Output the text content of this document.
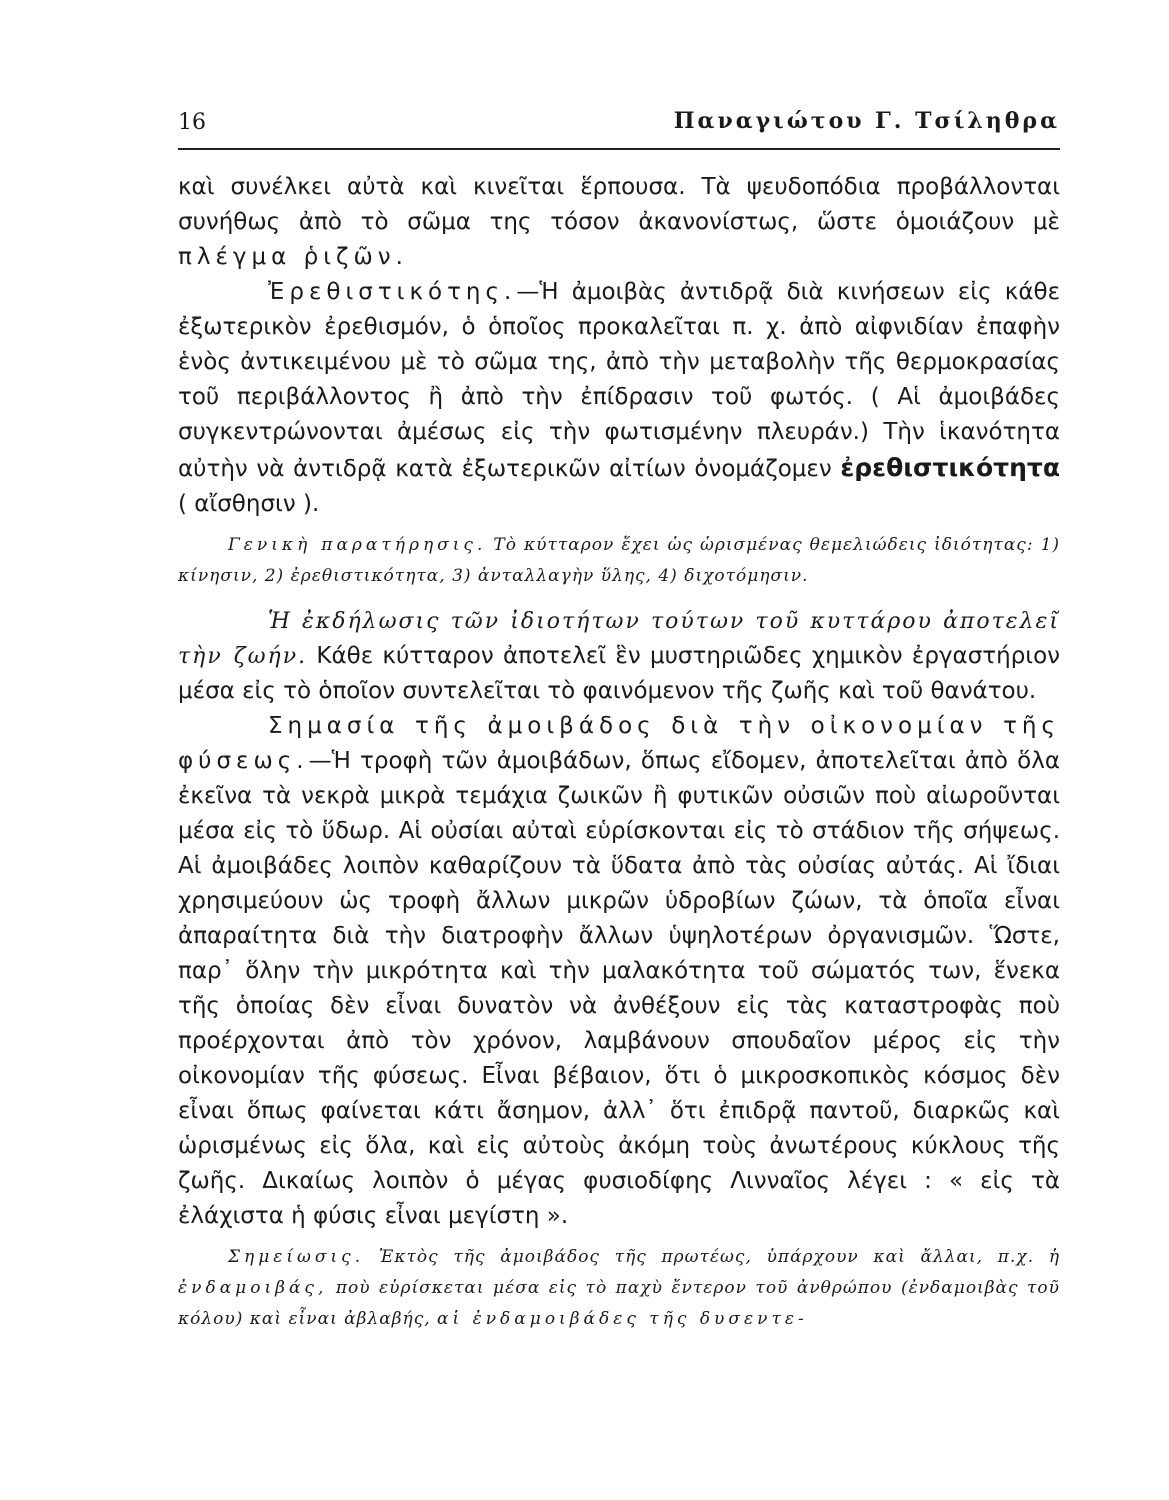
16	Παναγιώτου Γ. Τσίληθρα

καὶ συνέλκει αὐτὰ καὶ κινεῖται ἕρπουσα. Τὰ ψευδοπόδια προβάλλονται συνήθως ἀπὸ τὸ σῶμα της τόσον ἀκανονίστως, ὥστε ὁμοιάζουν μὲ πλέγμα ῥιζῶν.

Ἐρεθιστικότης.—Ἡ ἀμοιβὰς ἀντιδρᾷ διὰ κινήσεων εἰς κάθε ἐξωτερικὸν ἐρεθισμόν, ὁ ὁποῖος προκαλεῖται π. χ. ἀπὸ αἰφνιδίαν ἐπαφὴν ἑνὸς ἀντικειμένου μὲ τὸ σῶμα της, ἀπὸ τὴν μεταβολὴν τῆς θερμοκρασίας τοῦ περιβάλλοντος ἢ ἀπὸ τὴν ἐπίδρασιν τοῦ φωτός. ( Αἱ ἀμοιβάδες συγκεντρώνονται ἀμέσως εἰς τὴν φωτισμένην πλευράν.) Τὴν ἱκανότητα αὐτὴν νὰ ἀντιδρᾷ κατὰ ἐξωτερικῶν αἰτίων ὀνομάζομεν ἐρεθιστικότητα ( αἴσθησιν ).

Γενικὴ παρατήρησις. Τὸ κύτταρον ἔχει ὡς ὡρισμένας θεμελιώδεις ἰδιότητας: 1) κίνησιν, 2) ἐρεθιστικότητα, 3) ἀνταλλαγὴν ὕλης, 4) διχοτόμησιν.

Ἡ ἐκδήλωσις τῶν ἰδιοτήτων τούτων τοῦ κυττάρου ἀποτελεῖ τὴν ζωήν. Κάθε κύτταρον ἀποτελεῖ ἓν μυστηριῶδες χημικὸν ἐργαστήριον μέσα εἰς τὸ ὁποῖον συντελεῖται τὸ φαινόμενον τῆς ζωῆς καὶ τοῦ θανάτου.

Σημασία τῆς ἀμοιβάδος διὰ τὴν οἰκονομίαν τῆς φύσεως.—Ἡ τροφὴ τῶν ἀμοιβάδων, ὅπως εἴδομεν, ἀποτελεῖται ἀπὸ ὅλα ἐκεῖνα τὰ νεκρὰ μικρὰ τεμάχια ζωικῶν ἢ φυτικῶν οὐσιῶν ποὺ αἰωροῦνται μέσα εἰς τὸ ὕδωρ. Αἱ οὐσίαι αὐταὶ εὑρίσκονται εἰς τὸ στάδιον τῆς σήψεως. Αἱ ἀμοιβάδες λοιπὸν καθαρίζουν τὰ ὕδατα ἀπὸ τὰς οὐσίας αὐτάς. Αἱ ἴδιαι χρησιμεύουν ὡς τροφὴ ἄλλων μικρῶν ὑδροβίων ζώων, τὰ ὁποῖα εἶναι ἀπαραίτητα διὰ τὴν διατροφὴν ἄλλων ὑψηλοτέρων ὀργανισμῶν. Ὥστε, παρ᾽ ὅλην τὴν μικρότητα καὶ τὴν μαλακότητα τοῦ σώματός των, ἕνεκα τῆς ὁποίας δὲν εἶναι δυνατὸν νὰ ἀνθέξουν εἰς τὰς καταστροφὰς ποὺ προέρχονται ἀπὸ τὸν χρόνον, λαμβάνουν σπουδαῖον μέρος εἰς τὴν οἰκονομίαν τῆς φύσεως. Εἶναι βέβαιον, ὅτι ὁ μικροσκοπικὸς κόσμος δὲν εἶναι ὅπως φαίνεται κάτι ἄσημον, ἀλλ᾽ ὅτι ἐπιδρᾷ παντοῦ, διαρκῶς καὶ ὡρισμένως εἰς ὅλα, καὶ εἰς αὐτοὺς ἀκόμη τοὺς ἀνωτέρους κύκλους τῆς ζωῆς. Δικαίως λοιπὸν ὁ μέγας φυσιοδίφης Λινναῖος λέγει : « εἰς τὰ ἐλάχιστα ἡ φύσις εἶναι μεγίστη ».

Σημείωσις. Ἐκτὸς τῆς ἀμοιβάδος τῆς πρωτέως, ὑπάρχουν καὶ ἄλλαι, π.χ. ἡ ἐνδαμοιβάς, ποὺ εὑρίσκεται μέσα εἰς τὸ παχὺ ἔντερον τοῦ ἀνθρώπου (ἐνδαμοιβὰς τοῦ κόλου) καὶ εἶναι ἀβλαβής, αἱ ἐνδαμοιβάδες τῆς δυσεντε-
